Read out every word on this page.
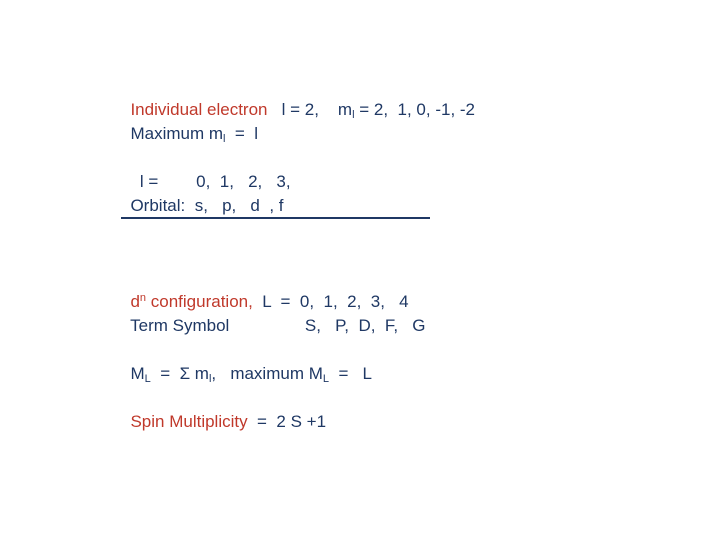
Individual electron l = 2, $m_l = 2$,  1, 0, -1, -2

Maximum $m_l = l$

l =        0,  1,   2,   3,

Orbital:  s,   p,   d  , f

$d^n$ configuration,  L  =  0,  1,  2,  3,   4

Term Symbol                S,   P,  D,  F,   G

$M_L = \Sigma$ $m_l$,   maximum $M_L = L$

Spin Multiplicity  =  2 S +1
